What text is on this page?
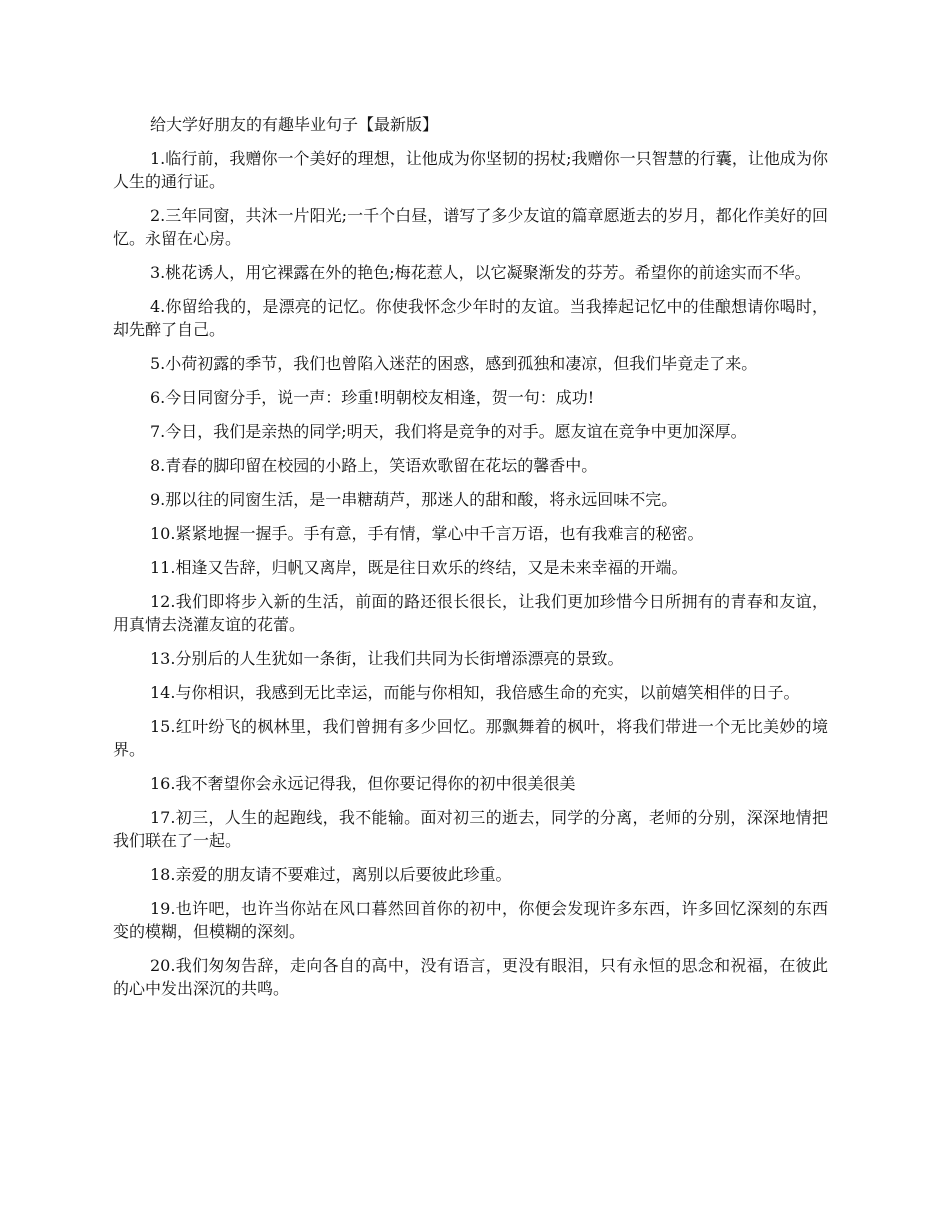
给大学好朋友的有趣毕业句子【最新版】

1.临行前，我赠你一个美好的理想，让他成为你坚韧的拐杖;我赠你一只智慧的行囊，让他成为你人生的通行证。

2.三年同窗，共沐一片阳光;一千个白昼，谱写了多少友谊的篇章愿逝去的岁月，都化作美好的回忆。永留在心房。

3.桃花诱人，用它裸露在外的艳色;梅花惹人，以它凝聚渐发的芬芳。希望你的前途实而不华。

4.你留给我的，是漂亮的记忆。你使我怀念少年时的友谊。当我捧起记忆中的佳酿想请你喝时，却先醉了自己。

5.小荷初露的季节，我们也曾陷入迷茫的困惑，感到孤独和凄凉，但我们毕竟走了来。

6.今日同窗分手，说一声：珍重!明朝校友相逢，贺一句：成功!

7.今日，我们是亲热的同学;明天，我们将是竞争的对手。愿友谊在竞争中更加深厚。

8.青春的脚印留在校园的小路上，笑语欢歌留在花坛的馨香中。

9.那以往的同窗生活，是一串糖葫芦，那迷人的甜和酸，将永远回味不完。

10.紧紧地握一握手。手有意，手有情，掌心中千言万语，也有我难言的秘密。

11.相逢又告辞，归帆又离岸，既是往日欢乐的终结，又是未来幸福的开端。

12.我们即将步入新的生活，前面的路还很长很长，让我们更加珍惜今日所拥有的青春和友谊，用真情去浇灌友谊的花蕾。

13.分别后的人生犹如一条街，让我们共同为长街增添漂亮的景致。

14.与你相识，我感到无比幸运，而能与你相知，我倍感生命的充实，以前嬉笑相伴的日子。

15.红叶纷飞的枫林里，我们曾拥有多少回忆。那飘舞着的枫叶，将我们带进一个无比美妙的境界。

16.我不奢望你会永远记得我，但你要记得你的初中很美很美

17.初三，人生的起跑线，我不能输。面对初三的逝去，同学的分离，老师的分别，深深地情把我们联在了一起。

18.亲爱的朋友请不要难过，离别以后要彼此珍重。

19.也许吧，也许当你站在风口暮然回首你的初中，你便会发现许多东西，许多回忆深刻的东西变的模糊，但模糊的深刻。

20.我们匆匆告辞，走向各自的高中，没有语言，更没有眼泪，只有永恒的思念和祝福，在彼此的心中发出深沉的共鸣。
